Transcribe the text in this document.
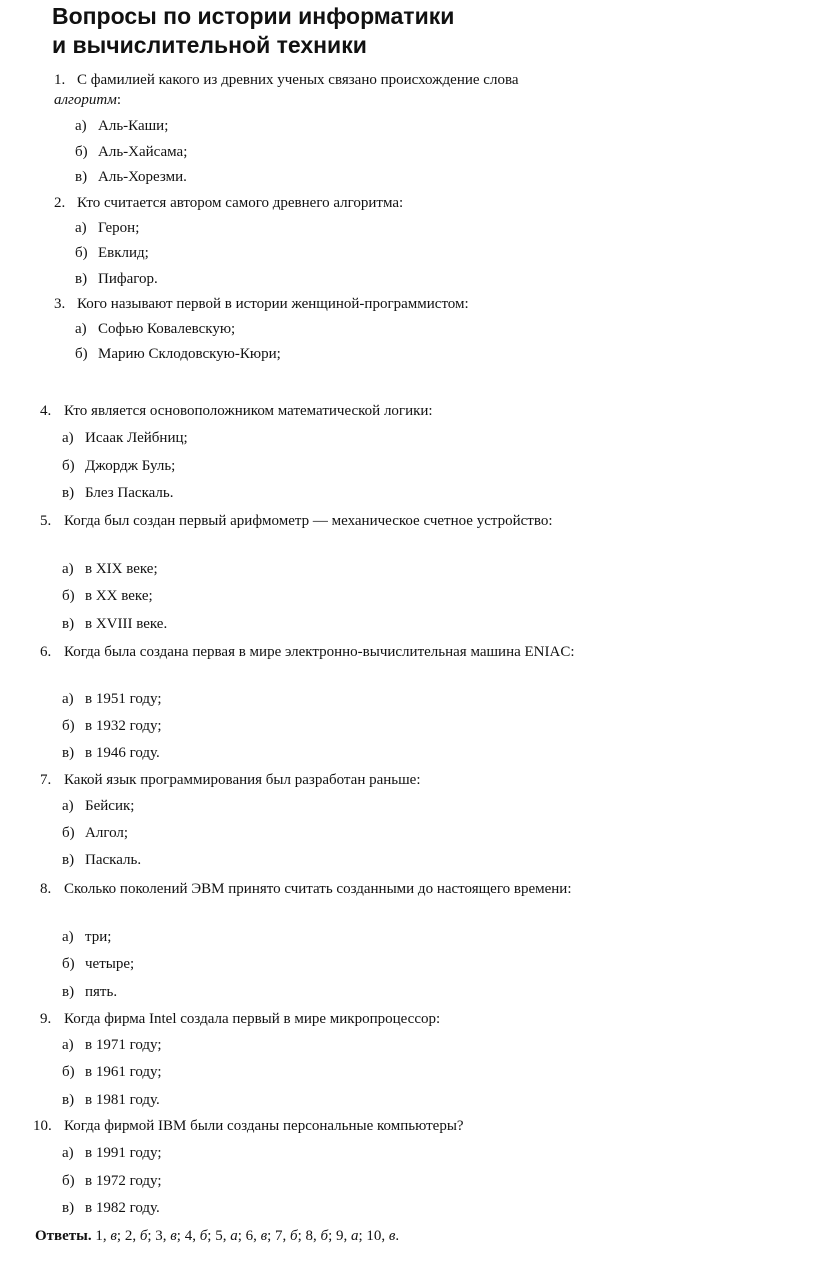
Вопросы по истории информатики
и вычислительной техники
1. С фамилией какого из древних ученых связано происхождение слова
алгоритм:
а) Аль-Каши;
б) Аль-Хайсама;
в) Аль-Хорезми.
2. Кто считается автором самого древнего алгоритма:
а) Герон;
б) Евклид;
в) Пифагор.
3. Кого называют первой в истории женщиной-программистом:
а) Софью Ковалевскую;
б) Марию Склодовскую-Кюри;
4. Кто является основоположником математической логики:
а) Исаак Лейбниц;
б) Джордж Буль;
в) Блез Паскаль.
5. Когда был создан первый арифмометр — механическое счетное устройство:
а) в XIX веке;
б) в XX веке;
в) в XVIII веке.
6. Когда была создана первая в мире электронно-вычислительная машина ENIAC:
а) в 1951 году;
б) в 1932 году;
в) в 1946 году.
7. Какой язык программирования был разработан раньше:
а) Бейсик;
б) Алгол;
в) Паскаль.
8. Сколько поколений ЭВМ принято считать созданными до настоящего времени:
а) три;
б) четыре;
в) пять.
9. Когда фирма Intel создала первый в мире микропроцессор:
а) в 1971 году;
б) в 1961 году;
в) в 1981 году.
10. Когда фирмой IBM были созданы персональные компьютеры?
а) в 1991 году;
б) в 1972 году;
в) в 1982 году.
Ответы. 1, в; 2, б; 3, в; 4, б; 5, а; 6, в; 7, б; 8, б; 9, а; 10, в.
